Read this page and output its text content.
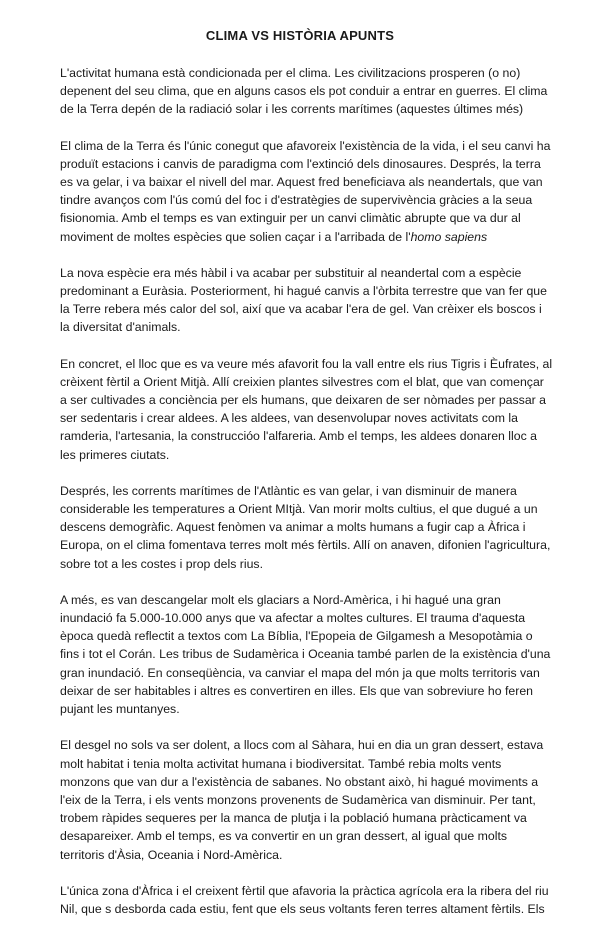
CLIMA VS HISTÒRIA APUNTS

L'activitat humana està condicionada per el clima. Les civilitzacions prosperen (o no)
depenent del seu clima, que en alguns casos els pot conduir a entrar en guerres. El clima
de la Terra depén de la radiació solar i les corrents marítimes (aquestes últimes més)

El clima de la Terra és l'únic conegut que afavoreix l'existència de la vida, i el seu canvi ha
produït estacions i canvis de paradigma com l'extinció dels dinosaures. Després, la terra
es va gelar, i va baixar el nivell del mar. Aquest fred beneficiava als neandertals, que van
tindre avanços com l'ús comú del foc i d'estratègies de supervivència gràcies a la seua
fisionomia. Amb el temps es van extinguir per un canvi climàtic abrupte que va dur al
moviment de moltes espècies que solien caçar i a l'arribada de l'homo sapiens

La nova espècie era més hàbil i va acabar per substituir al neandertal com a espècie
predominant a Euràsia. Posteriorment, hi hagué canvis a l'òrbita terrestre que van fer que
la Terre rebera més calor del sol, així que va acabar l'era de gel. Van crèixer els boscos i
la diversitat d'animals.

En concret, el lloc que es va veure més afavorit fou la vall entre els rius Tigris i Èufrates, al
crèixent fèrtil a Orient Mitjà. Allí creixien plantes silvestres com el blat, que van començar
a ser cultivades a conciència per els humans, que deixaren de ser nòmades per passar a
ser sedentaris i crear aldees. A les aldees, van desenvolupar noves activitats com la
ramderia, l'artesania, la construccióo l'alfareria. Amb el temps, les aldees donaren lloc a
les primeres ciutats.

Després, les corrents marítimes de l'Atlàntic es van gelar, i van disminuir de manera
considerable les temperatures a Orient MItjà. Van morir molts cultius, el que dugué a un
descens demogràfic. Aquest fenòmen va animar a molts humans a fugir cap a Àfrica i
Europa, on el clima fomentava terres molt més fèrtils. Allí on anaven, difonien l'agricultura,
sobre tot a les costes i prop dels rius.

A més, es van descangelar molt els glaciars a Nord-Amèrica, i hi hagué una gran
inundació fa 5.000-10.000 anys que va afectar a moltes cultures. El trauma d'aquesta
època quedà reflectit a textos com La Bíblia, l'Epopeia de Gilgamesh a Mesopotàmia o
fins i tot el Corán. Les tribus de Sudamèrica i Oceania també parlen de la existència d'una
gran inundació. En conseqüència, va canviar el mapa del món ja que molts territoris van
deixar de ser habitables i altres es convertiren en illes. Els que van sobreviure ho feren
pujant les muntanyes.

El desgel no sols va ser dolent, a llocs com al Sàhara, hui en dia un gran dessert, estava
molt habitat i tenia molta activitat humana i biodiversitat. També rebia molts vents
monzons que van dur a l'existència de sabanes. No obstant això, hi hagué moviments a
l'eix de la Terra, i els vents monzons provenents de Sudamèrica van disminuir. Per tant,
trobem ràpides sequeres per la manca de plutja i la població humana pràcticament va
desapareixer. Amb el temps, es va convertir en un gran dessert, al igual que molts
territoris d'Àsia, Oceania i Nord-Amèrica.

L'única zona d'Àfrica i el creixent fèrtil que afavoria la pràctica agrícola era la ribera del riu
Nil, que s desborda cada estiu, fent que els seus voltants feren terres altament fèrtils. Els
